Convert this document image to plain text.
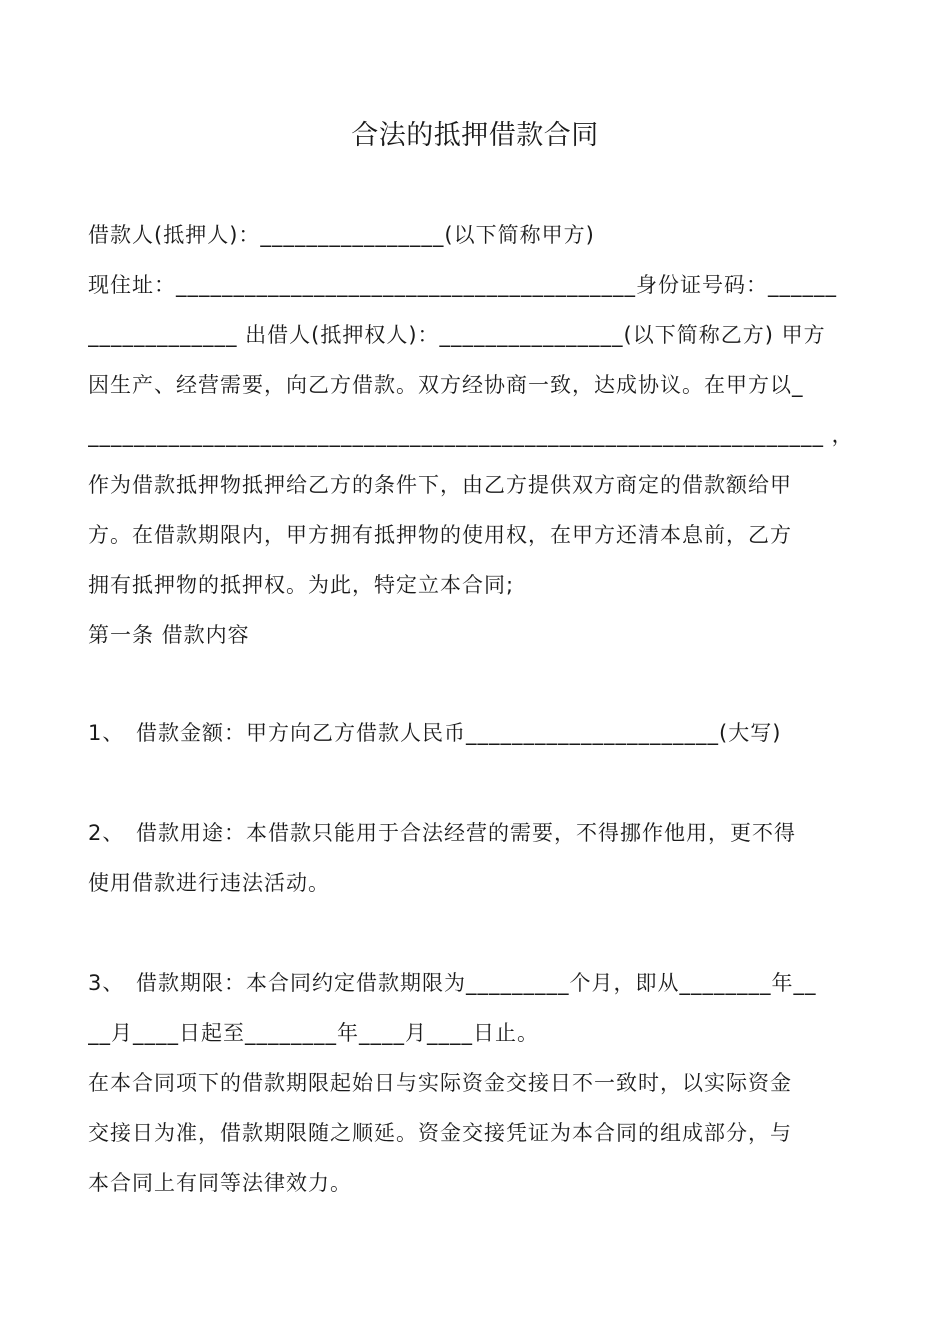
合法的抵押借款合同
借款人(抵押人)：________________(以下简称甲方)
现住址：________________________________________身份证号码：______
_____________ 出借人(抵押权人)：________________(以下简称乙方) 甲方
因生产、经营需要，向乙方借款。双方经协商一致，达成协议。在甲方以_
________________________________________________________________ ，
作为借款抵押物抵押给乙方的条件下，由乙方提供双方商定的借款额给甲
方。在借款期限内，甲方拥有抵押物的使用权，在甲方还清本息前，乙方
拥有抵押物的抵押权。为此，特定立本合同;
第一条 借款内容
1、 借款金额：甲方向乙方借款人民币______________________(大写)
2、 借款用途：本借款只能用于合法经营的需要，不得挪作他用，更不得
使用借款进行违法活动。
3、 借款期限：本合同约定借款期限为_________个月，即从________年__
__月____日起至________年____月____日止。
在本合同项下的借款期限起始日与实际资金交接日不一致时，以实际资金
交接日为准，借款期限随之顺延。资金交接凭证为本合同的组成部分，与
本合同上有同等法律效力。
